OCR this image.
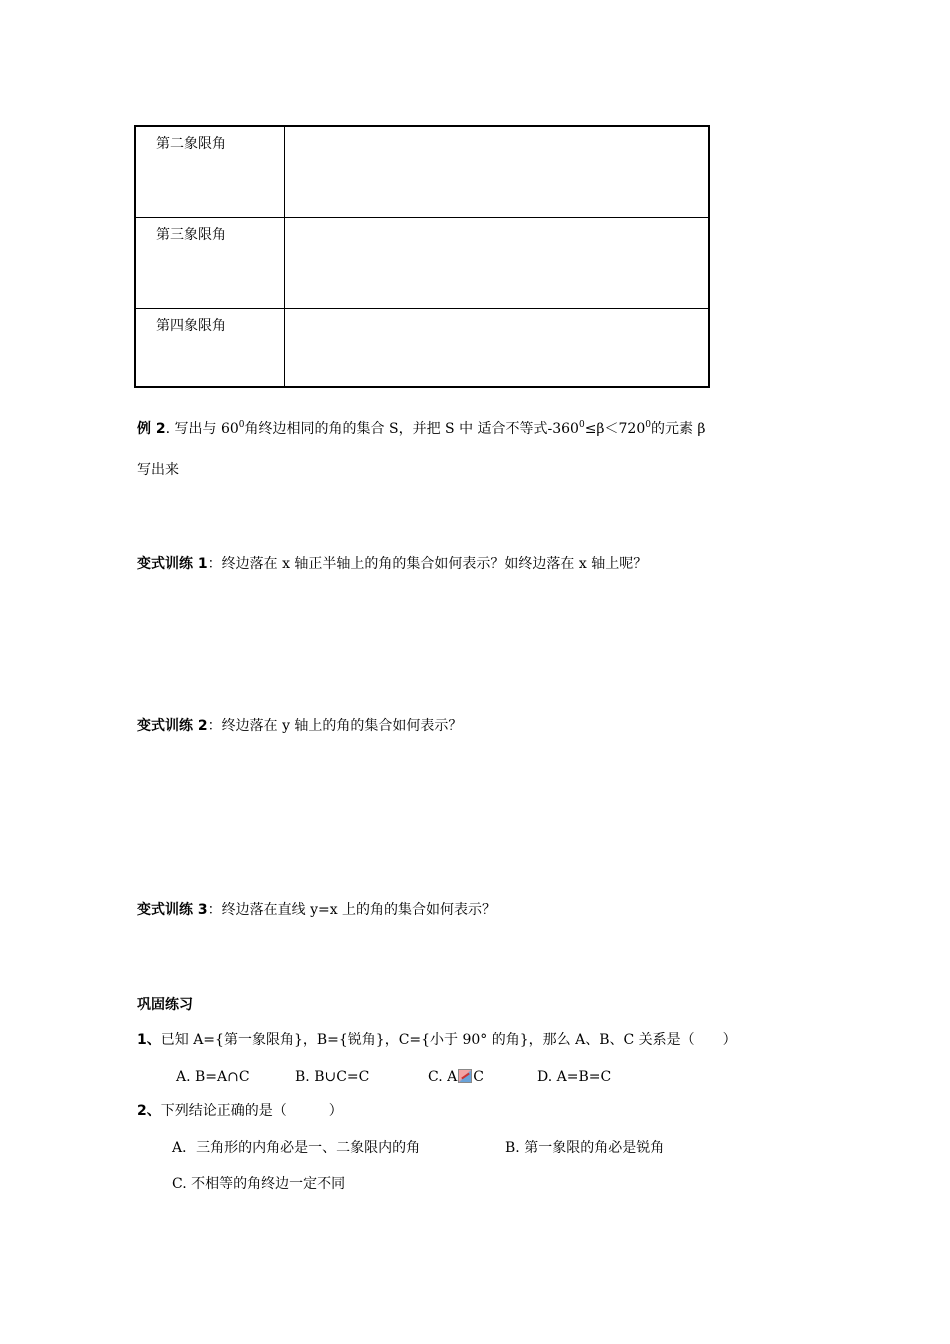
第二象限角	
第三象限角	
第四象限角	
例 2. 写出与 $60^0$角终边相同的角的集合 S，并把 S 中 适合不等式$-360^0\le\beta<720^0$的元素 β
写出来
变式训练 1：终边落在 x 轴正半轴上的角的集合如何表示？如终边落在 x 轴上呢？
变式训练 2：终边落在 y 轴上的角的集合如何表示？
变式训练 3：终边落在直线 y=x 上的角的集合如何表示？
巩固练习
1、已知 A={第一象限角}，B={锐角}，C={小于 90° 的角}，那么 A、B、C 关系是（　　）
A. B=A∩C	B. B∪C=C	C. A C	D. A=B=C
2、下列结论正确的是（　　　）
A．三角形的内角必是一、二象限内的角	B. 第一象限的角必是锐角
C. 不相等的角终边一定不同
